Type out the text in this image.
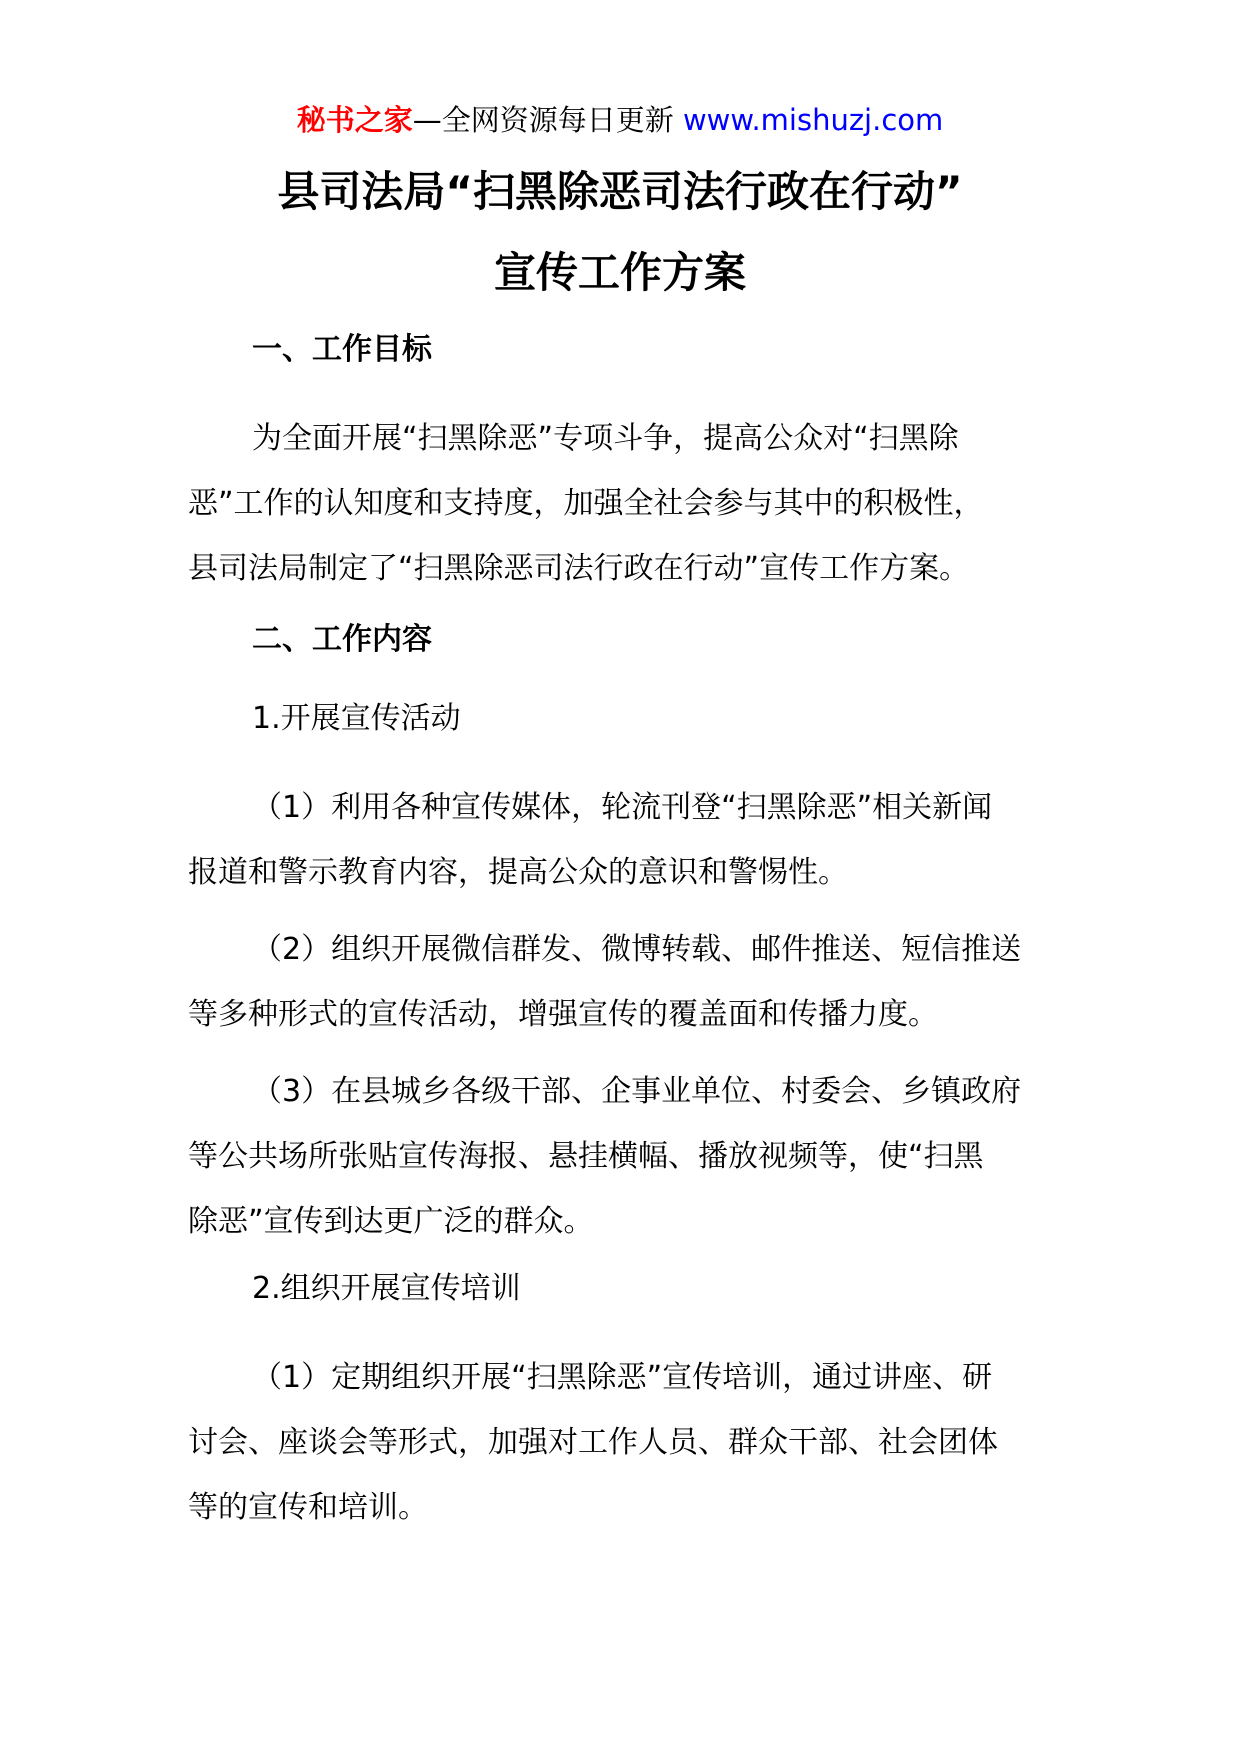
秘书之家—全网资源每日更新 www.mishuzj.com
县司法局“扫黑除恶司法行政在行动”
宣传工作方案
一、工作目标
为全面开展“扫黑除恶”专项斗争，提高公众对“扫黑除
恶”工作的认知度和支持度，加强全社会参与其中的积极性，
县司法局制定了“扫黑除恶司法行政在行动”宣传工作方案。
二、工作内容
1.开展宣传活动
（1）利用各种宣传媒体，轮流刊登“扫黑除恶”相关新闻
报道和警示教育内容，提高公众的意识和警惕性。
（2）组织开展微信群发、微博转载、邮件推送、短信推送
等多种形式的宣传活动，增强宣传的覆盖面和传播力度。
（3）在县城乡各级干部、企事业单位、村委会、乡镇政府
等公共场所张贴宣传海报、悬挂横幅、播放视频等，使“扫黑
除恶”宣传到达更广泛的群众。
2.组织开展宣传培训
（1）定期组织开展“扫黑除恶”宣传培训，通过讲座、研
讨会、座谈会等形式，加强对工作人员、群众干部、社会团体
等的宣传和培训。
